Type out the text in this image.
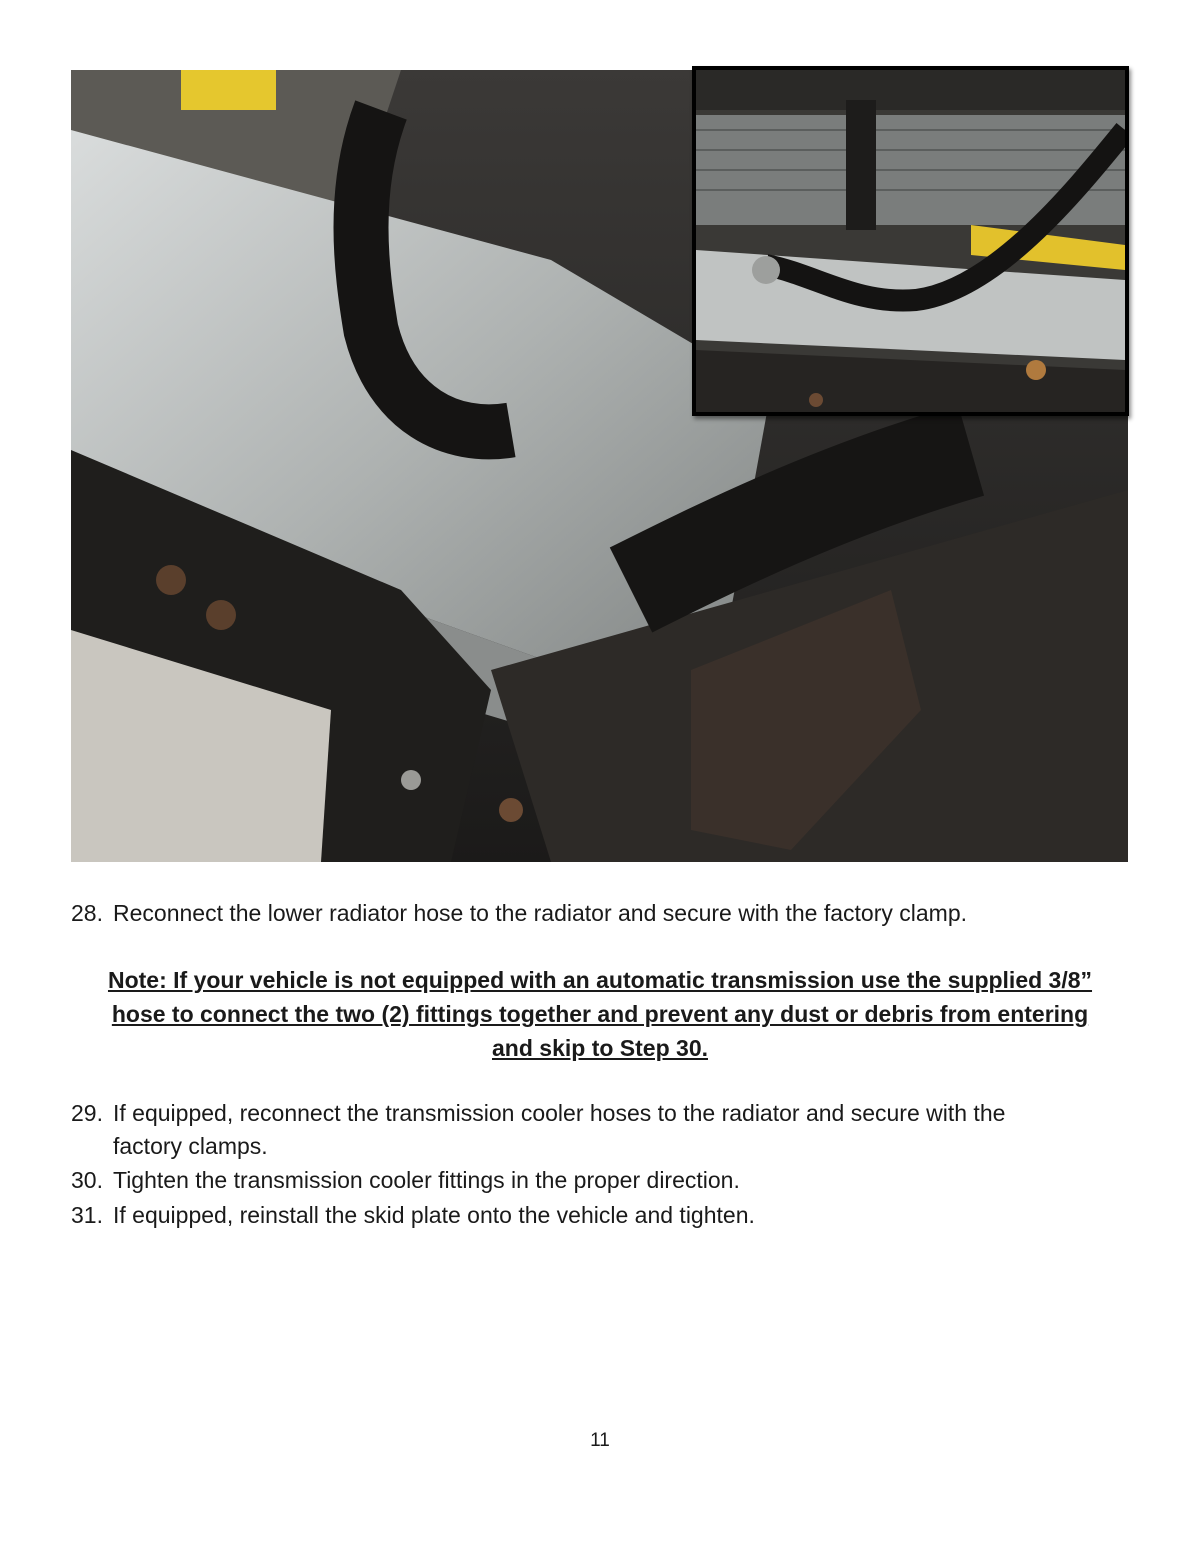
28. Reconnect the lower radiator hose to the radiator and secure with the factory clamp.
Note: If your vehicle is not equipped with an automatic transmission use the supplied 3/8”
hose to connect the two (2) fittings together and prevent any dust or debris from entering
and skip to Step 30.
29. If equipped, reconnect the transmission cooler hoses to the radiator and secure with the
factory clamps.
30. Tighten the transmission cooler fittings in the proper direction.
31. If equipped, reinstall the skid plate onto the vehicle and tighten.
11
